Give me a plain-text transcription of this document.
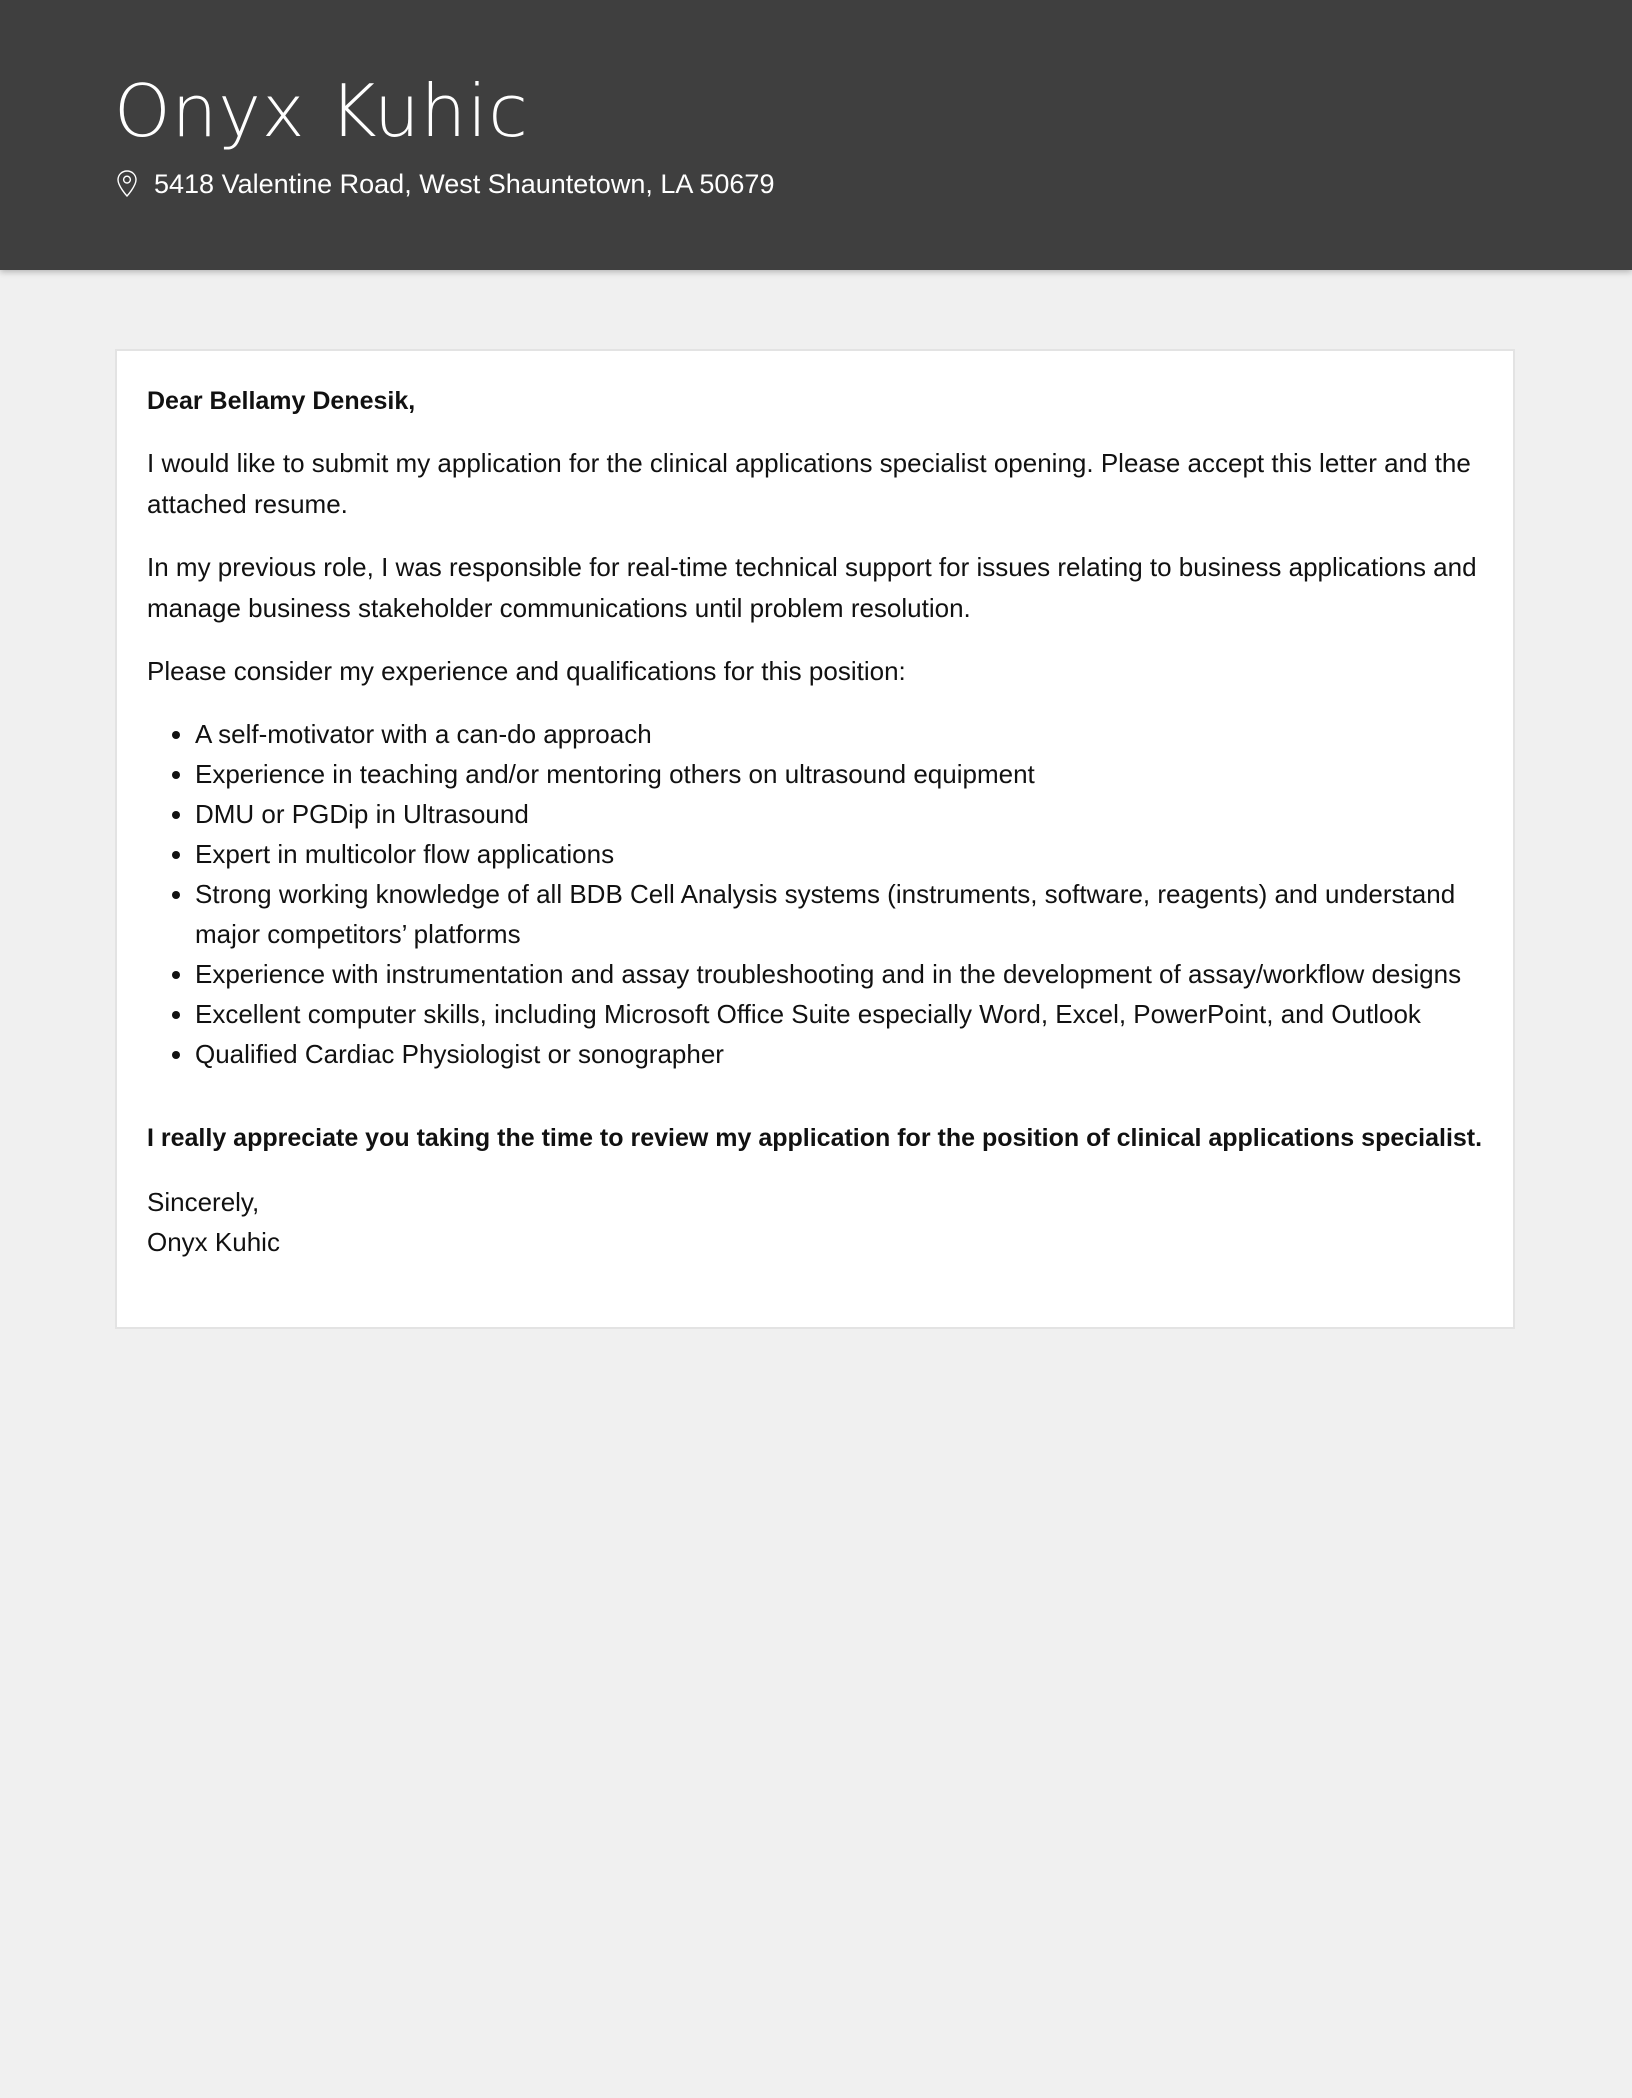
Onyx Kuhic
5418 Valentine Road, West Shauntetown, LA 50679

Dear Bellamy Denesik,

I would like to submit my application for the clinical applications specialist opening. Please accept this letter and the attached resume.

In my previous role, I was responsible for real-time technical support for issues relating to business applications and manage business stakeholder communications until problem resolution.

Please consider my experience and qualifications for this position:

• A self-motivator with a can-do approach
• Experience in teaching and/or mentoring others on ultrasound equipment
• DMU or PGDip in Ultrasound
• Expert in multicolor flow applications
• Strong working knowledge of all BDB Cell Analysis systems (instruments, software, reagents) and understand major competitors’ platforms
• Experience with instrumentation and assay troubleshooting and in the development of assay/workflow designs
• Excellent computer skills, including Microsoft Office Suite especially Word, Excel, PowerPoint, and Outlook
• Qualified Cardiac Physiologist or sonographer

I really appreciate you taking the time to review my application for the position of clinical applications specialist.

Sincerely,
Onyx Kuhic
